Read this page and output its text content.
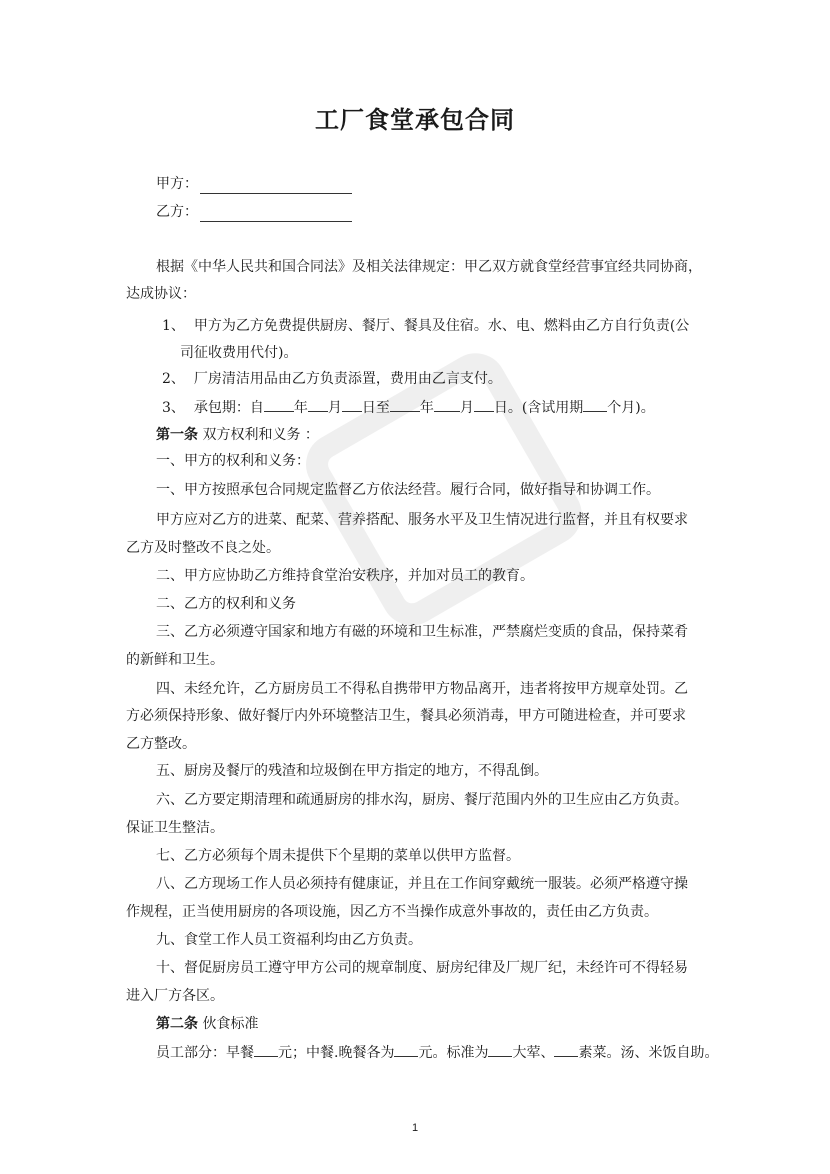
工厂食堂承包合同
甲方：
乙方：

根据《中华人民共和国合同法》及相关法律规定：甲乙双方就食堂经营事宜经共同协商，

达成协议：

1、 甲方为乙方免费提供厨房、餐厅、餐具及住宿。水、电、燃料由乙方自行负责(公

司征收费用代付)。

2、 厂房清洁用品由乙方负责添置，费用由乙言支付。

3、 承包期：自 年 月 日至 年 月 日。(含试用期 个月)。

第一条 双方权利和义务 ：

一、甲方的权利和义务：

一、甲方按照承包合同规定监督乙方依法经营。履行合同，做好指导和协调工作。

甲方应对乙方的进菜、配菜、营养搭配、服务水平及卫生情况进行监督，并且有权要求

乙方及时整改不良之处。

二、甲方应协助乙方维持食堂治安秩序，并加对员工的教育。

二、乙方的权利和义务

三、乙方必须遵守国家和地方有磁的环境和卫生标准，严禁腐烂变质的食品，保持菜肴

的新鲜和卫生。

四、未经允许，乙方厨房员工不得私自携带甲方物品离开，违者将按甲方规章处罚。乙

方必须保持形象、做好餐厅内外环境整洁卫生，餐具必须消毒，甲方可随进检查，并可要求

乙方整改。

五、厨房及餐厅的残渣和垃圾倒在甲方指定的地方，不得乱倒。

六、乙方要定期清理和疏通厨房的排水沟，厨房、餐厅范围内外的卫生应由乙方负责。

保证卫生整洁。

七、乙方必须每个周未提供下个星期的菜单以供甲方监督。

八、乙方现场工作人员必须持有健康证，并且在工作间穿戴统一服装。必须严格遵守操

作规程，正当使用厨房的各项设施，因乙方不当操作成意外事故的，责任由乙方负责。

九、食堂工作人员工资福利均由乙方负责。

十、督促厨房员工遵守甲方公司的规章制度、厨房纪律及厂规厂纪，未经许可不得轻易

进入厂方各区。

第二条 伙食标准

员工部分：早餐 元；中餐.晚餐各为 元。标准为 大荤、 素菜。汤、米饭自助。

1
